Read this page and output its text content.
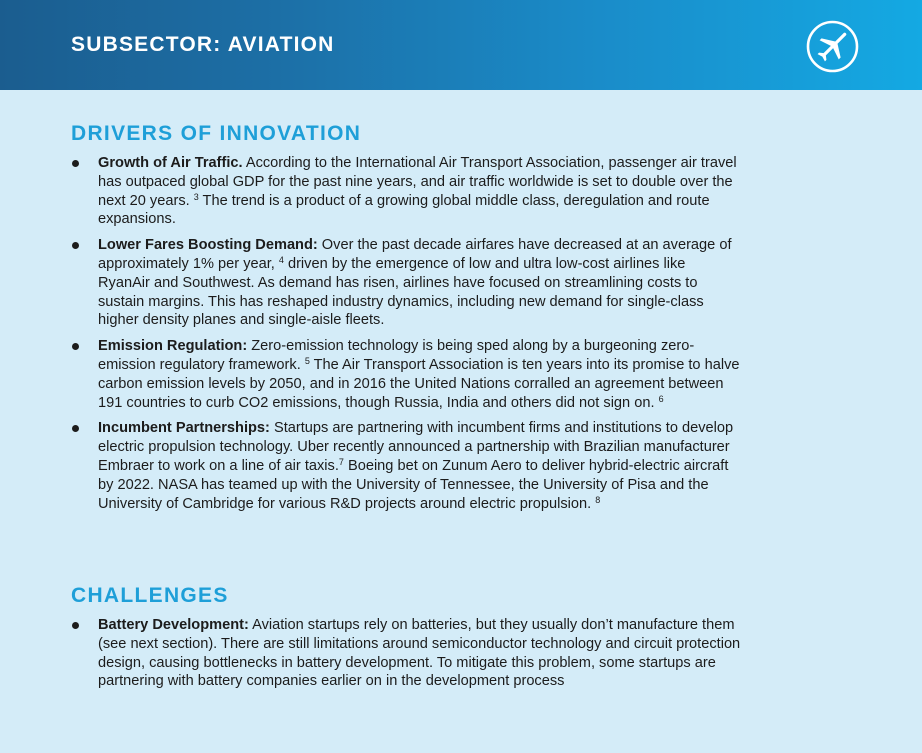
SUBSECTOR: AVIATION
DRIVERS OF INNOVATION
Growth of Air Traffic. According to the International Air Transport Association, passenger air travel has outpaced global GDP for the past nine years, and air traffic worldwide is set to double over the next 20 years. $^3$ The trend is a product of a growing global middle class, deregulation and route expansions.
Lower Fares Boosting Demand: Over the past decade airfares have decreased at an average of approximately 1% per year, $^4$ driven by the emergence of low and ultra low-cost airlines like RyanAir and Southwest. As demand has risen, airlines have focused on streamlining costs to sustain margins. This has reshaped industry dynamics, including new demand for single-class higher density planes and single-aisle fleets.
Emission Regulation: Zero-emission technology is being sped along by a burgeoning zero-emission regulatory framework. $^5$ The Air Transport Association is ten years into its promise to halve carbon emission levels by 2050, and in 2016 the United Nations corralled an agreement between 191 countries to curb CO2 emissions, though Russia, India and others did not sign on. $^6$
Incumbent Partnerships: Startups are partnering with incumbent firms and institutions to develop electric propulsion technology. Uber recently announced a partnership with Brazilian manufacturer Embraer to work on a line of air taxis.$^7$ Boeing bet on Zunum Aero to deliver hybrid-electric aircraft by 2022. NASA has teamed up with the University of Tennessee, the University of Pisa and the University of Cambridge for various R&D projects around electric propulsion. $^8$
CHALLENGES
Battery Development: Aviation startups rely on batteries, but they usually don’t manufacture them (see next section). There are still limitations around semiconductor technology and circuit protection design, causing bottlenecks in battery development. To mitigate this problem, some startups are partnering with battery companies earlier on in the development process
